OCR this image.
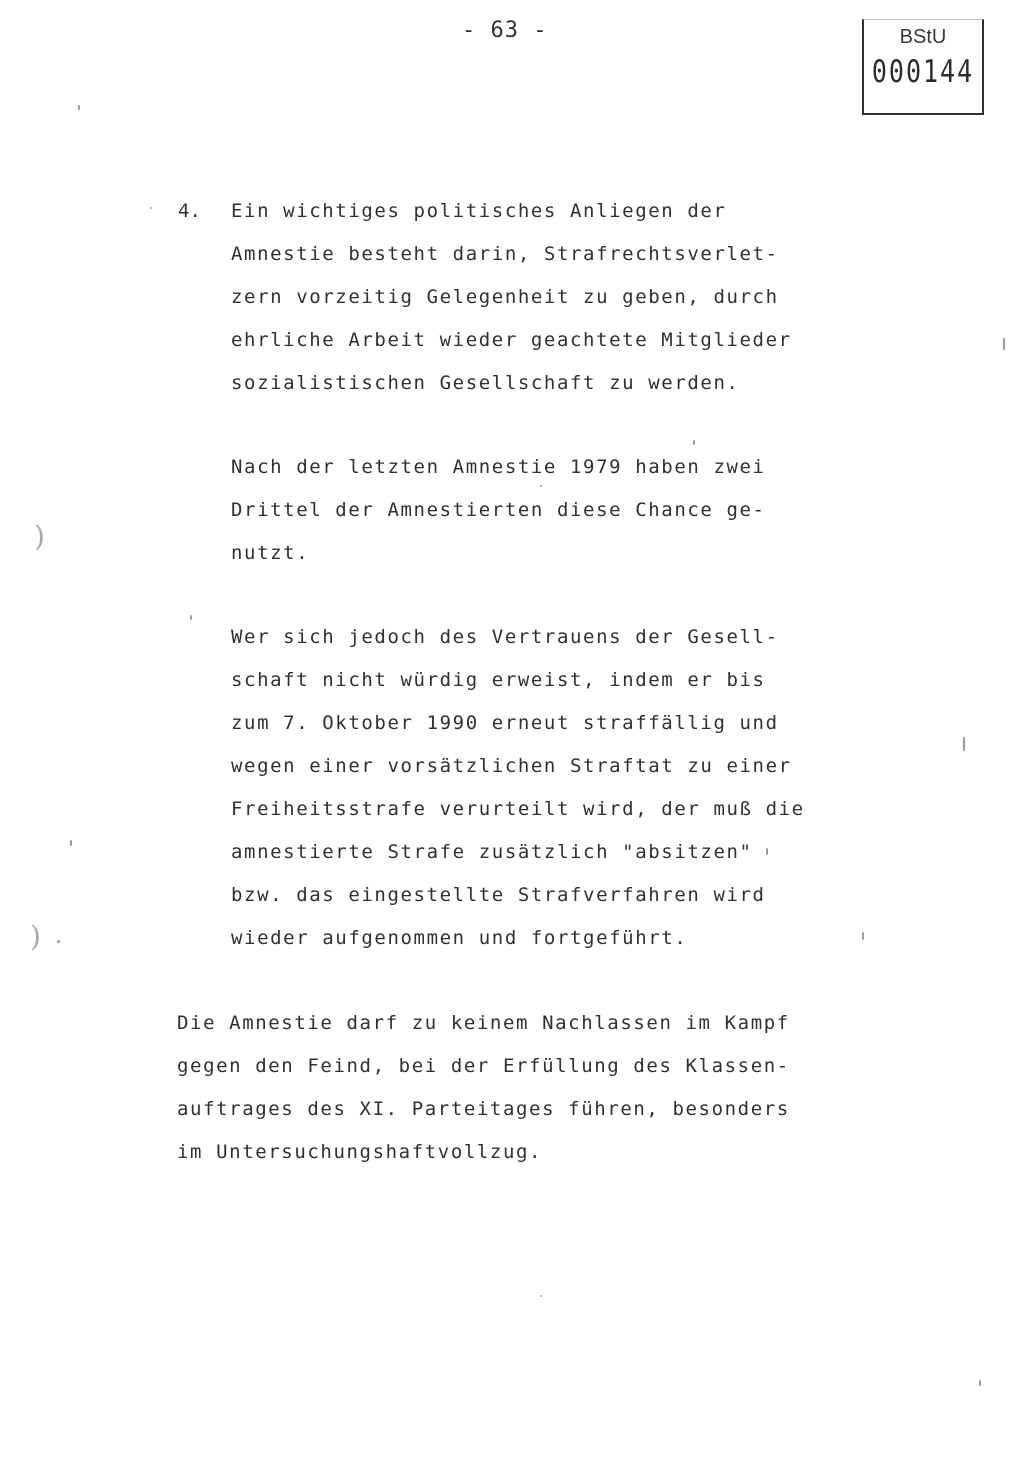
- 63 -	BStU
000144
4. Ein wichtiges politisches Anliegen der
Amnestie besteht darin, Strafrechtsverlet-
zern vorzeitig Gelegenheit zu geben, durch
ehrliche Arbeit wieder geachtete Mitglieder
sozialistischen Gesellschaft zu werden.
Nach der letzten Amnestie 1979 haben zwei
Drittel der Amnestierten diese Chance ge-
nutzt.
Wer sich jedoch des Vertrauens der Gesell-
schaft nicht würdig erweist, indem er bis
zum 7. Oktober 1990 erneut straffällig und
wegen einer vorsätzlichen Straftat zu einer
Freiheitsstrafe verurteilt wird, der muß die
amnestierte Strafe zusätzlich "absitzen"
bzw. das eingestellte Strafverfahren wird
wieder aufgenommen und fortgeführt.
Die Amnestie darf zu keinem Nachlassen im Kampf
gegen den Feind, bei der Erfüllung des Klassen-
auftrages des XI. Parteitages führen, besonders
im Untersuchungshaftvollzug.
)
)
